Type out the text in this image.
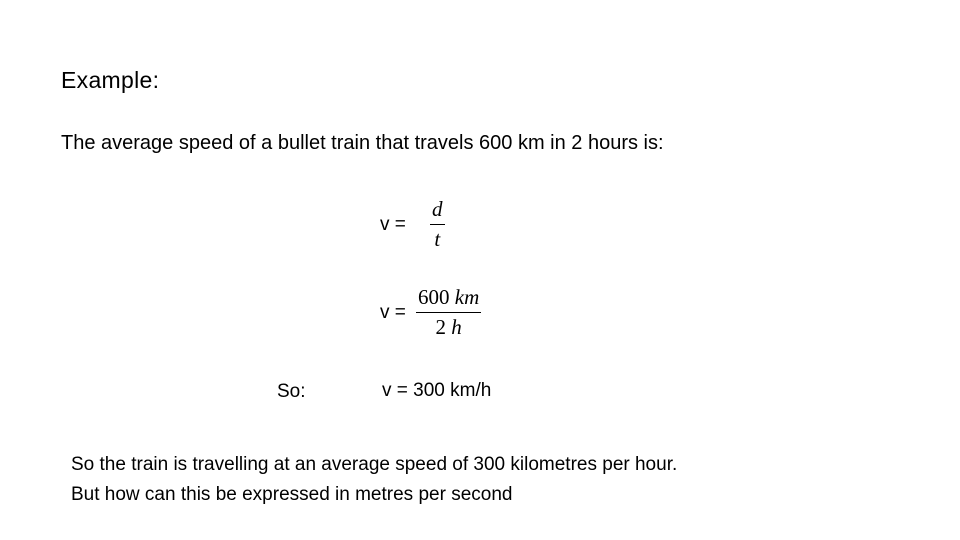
Example:
The average speed of a bullet train that travels 600 km in 2 hours is:
v =
d
t
v =
600 km
2 h
So:	v = 300 km/h
So the train is travelling at an average speed of 300 kilometres per hour.
But how can this be expressed in metres per second
